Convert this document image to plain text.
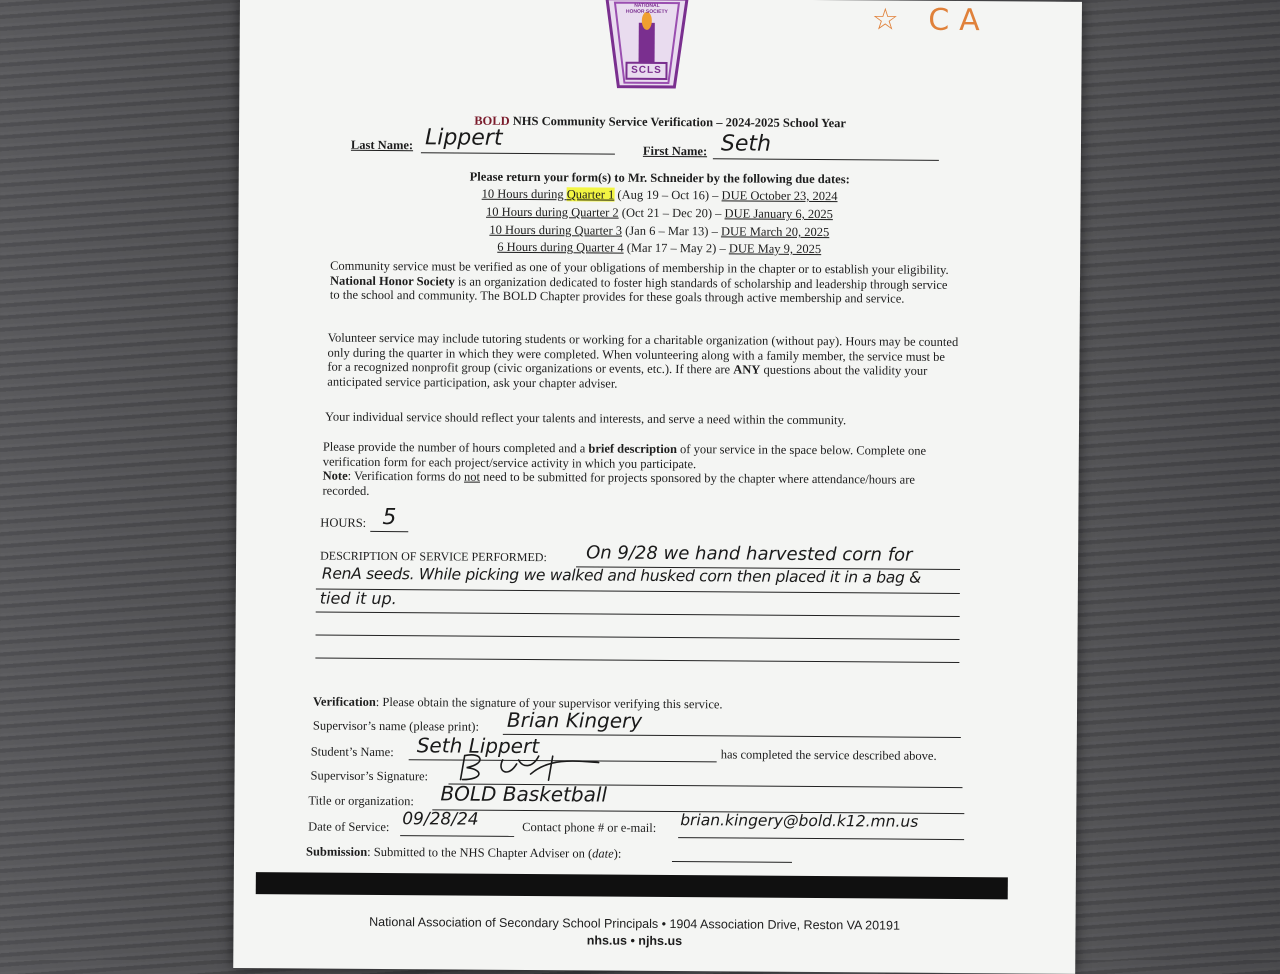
NATIONAL HONOR SOCIETY
SCLS
☆ CA
BOLD NHS Community Service Verification – 2024-2025 School Year
Last Name: Lippert
First Name: Seth
Please return your form(s) to Mr. Schneider by the following due dates:
10 Hours during Quarter 1 (Aug 19 – Oct 16) – DUE October 23, 2024
10 Hours during Quarter 2 (Oct 21 – Dec 20) – DUE January 6, 2025
10 Hours during Quarter 3 (Jan 6 – Mar 13) – DUE March 20, 2025
6 Hours during Quarter 4 (Mar 17 – May 2) – DUE May 9, 2025
Community service must be verified as one of your obligations of membership in the chapter or to establish your eligibility. National Honor Society is an organization dedicated to foster high standards of scholarship and leadership through service to the school and community. The BOLD Chapter provides for these goals through active membership and service.
Volunteer service may include tutoring students or working for a charitable organization (without pay). Hours may be counted only during the quarter in which they were completed. When volunteering along with a family member, the service must be for a recognized nonprofit group (civic organizations or events, etc.). If there are ANY questions about the validity your anticipated service participation, ask your chapter adviser.
Your individual service should reflect your talents and interests, and serve a need within the community.
Please provide the number of hours completed and a brief description of your service in the space below. Complete one verification form for each project/service activity in which you participate.
Note: Verification forms do not need to be submitted for projects sponsored by the chapter where attendance/hours are recorded.
HOURS: 5
DESCRIPTION OF SERVICE PERFORMED: On 9/28 we hand harvested corn for
RenA seeds. While picking we walked and husked corn then placed it in a bag &
tied it up.
Verification: Please obtain the signature of your supervisor verifying this service.
Supervisor’s name (please print): Brian Kingery
Student’s Name: Seth Lippert	has completed the service described above.
Supervisor’s Signature:
Title or organization: BOLD Basketball
Date of Service: 09/28/24	Contact phone # or e-mail: brian.kingery@bold.k12.mn.us
Submission: Submitted to the NHS Chapter Adviser on (date):
National Association of Secondary School Principals • 1904 Association Drive, Reston VA 20191
nhs.us • njhs.us
